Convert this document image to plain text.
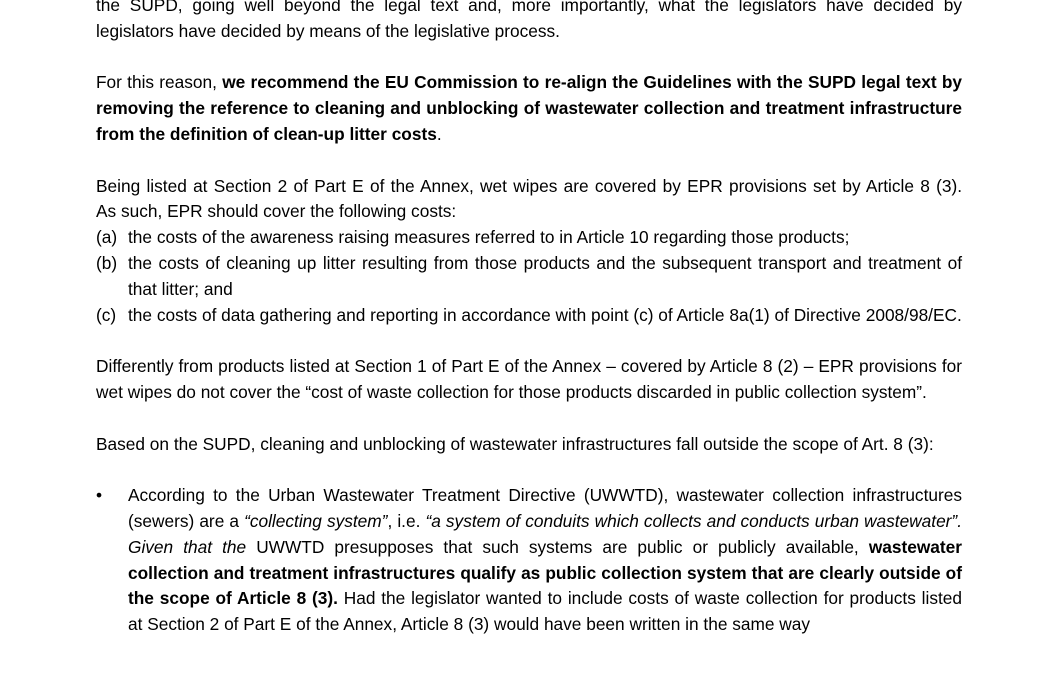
the SUPD, going well beyond the legal text and, more importantly, what the legislators have decided by

legislators have decided by means of the legislative process.

For this reason, we recommend the EU Commission to re-align the Guidelines with the SUPD legal text by removing the reference to cleaning and unblocking of wastewater collection and treatment infrastructure from the definition of clean-up litter costs.

Being listed at Section 2 of Part E of the Annex, wet wipes are covered by EPR provisions set by Article 8 (3).

As such, EPR should cover the following costs:

(a) the costs of the awareness raising measures referred to in Article 10 regarding those products;
(b) the costs of cleaning up litter resulting from those products and the subsequent transport and treatment of that litter; and
(c) the costs of data gathering and reporting in accordance with point (c) of Article 8a(1) of Directive 2008/98/EC.

Differently from products listed at Section 1 of Part E of the Annex – covered by Article 8 (2) – EPR provisions for wet wipes do not cover the “cost of waste collection for those products discarded in public collection system”.

Based on the SUPD, cleaning and unblocking of wastewater infrastructures fall outside the scope of Art. 8 (3):

•	According to the Urban Wastewater Treatment Directive (UWWTD), wastewater collection infrastructures (sewers) are a “collecting system”, i.e. “a system of conduits which collects and conducts urban wastewater”. Given that the UWWTD presupposes that such systems are public or publicly available, wastewater collection and treatment infrastructures qualify as public collection system that are clearly outside of the scope of Article 8 (3). Had the legislator wanted to include costs of waste collection for products listed at Section 2 of Part E of the Annex, Article 8 (3) would have been written in the same way
